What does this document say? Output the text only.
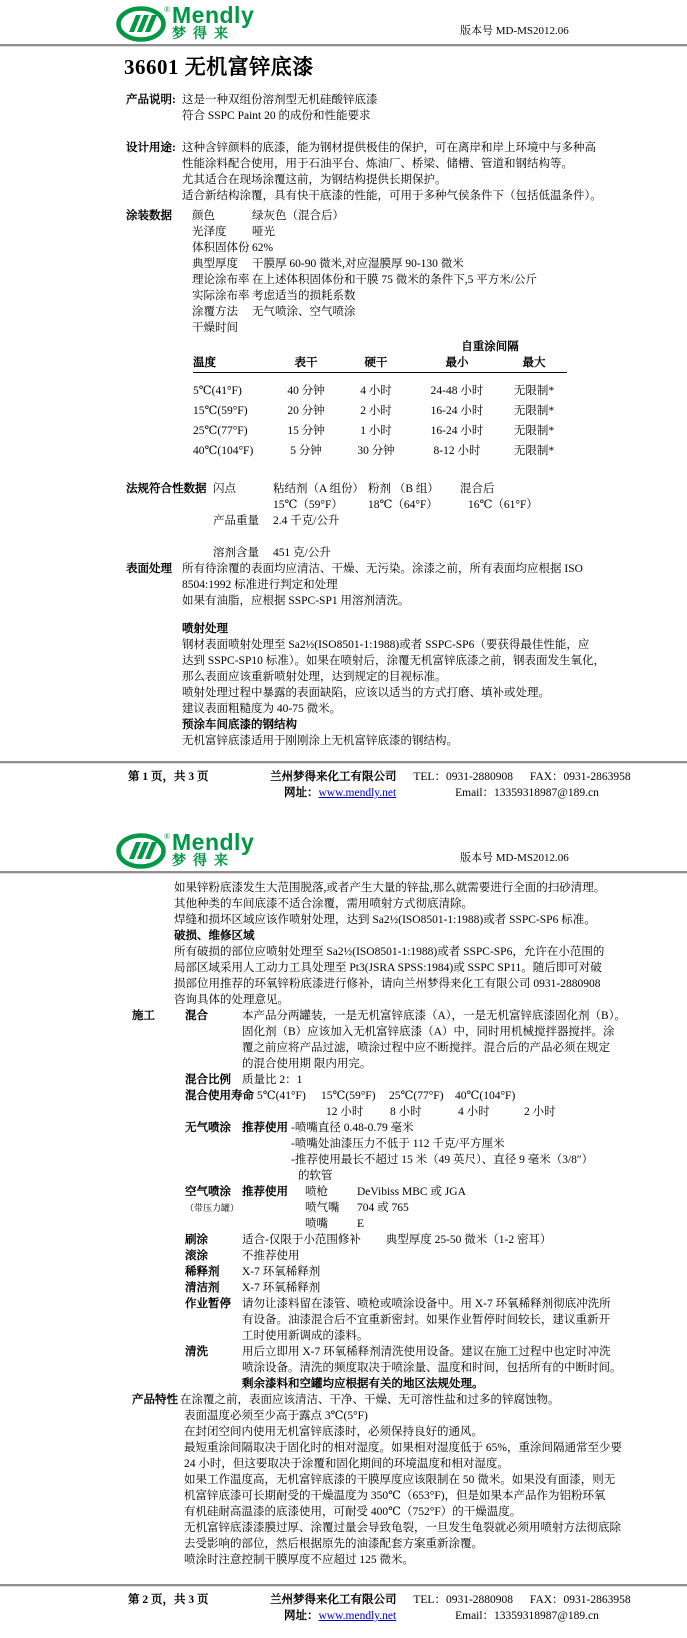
® Mendly
梦得来	版本号 MD-MS2012.06
36601 无机富锌底漆
产品说明: 这是一种双组份溶剂型无机硅酸锌底漆
符合 SSPC Paint 20 的成份和性能要求
设计用途: 这种含锌颜料的底漆，能为钢材提供极佳的保护，可在离岸和岸上环境中与多种高
性能涂料配合使用，用于石油平台、炼油厂、桥梁、储槽、管道和钢结构等。
尤其适合在现场涂覆这前，为钢结构提供长期保护。
适合新结构涂覆，具有快干底漆的性能，可用于多种气侯条件下（包括低温条件）。
涂装数据	颜色	绿灰色（混合后）
光泽度	哑光
体积固体份 62%
典型厚度	干膜厚 60-90 微米,对应湿膜厚 90-130 微米
理论涂布率 在上述体积固体份和干膜 75 微米的条件下,5 平方米/公斤
实际涂布率 考虑适当的损耗系数
涂覆方法	无气喷涂、空气喷涂
干燥时间
			自重涂间隔	
温度	表干	硬干	最小	最大

5℃(41°F)	40 分钟	4 小时	24-48 小时	无限制*
15℃(59°F)	20 分钟	2 小时	16-24 小时	无限制*
25℃(77°F)	15 分钟	1 小时	16-24 小时	无限制*
40℃(104°F)	5 分钟	30 分钟	8-12 小时	无限制*
法规符合性数据 闪点	粘结剂（A 组份） 粉剂 （B 组）	混合后
15℃（59°F）	18℃（64°F）	16℃（61°F）
产品重量	2.4 千克/公升
溶剂含量	451 克/公升
表面处理 所有待涂覆的表面均应清洁、干燥、无污染。涂漆之前，所有表面均应根据 ISO
8504:1992 标准进行判定和处理
如果有油脂，应根据 SSPC-SP1 用溶剂清洗。
喷射处理
钢材表面喷射处理至 Sa2½(ISO8501-1:1988)或者 SSPC-SP6（要获得最佳性能，应
达到 SSPC-SP10 标准）。如果在喷射后，涂覆无机富锌底漆之前，钢表面发生氧化，
那么表面应该重新喷射处理，达到规定的目视标准。
喷射处理过程中暴露的表面缺陷，应该以适当的方式打磨、填补或处理。
建议表面粗糙度为 40-75 微米。
预涂车间底漆的钢结构
无机富锌底漆适用于刚刚涂上无机富锌底漆的钢结构。
第 1 页，共 3 页	兰州梦得来化工有限公司 TEL：0931-2880908 FAX：0931-2863958
网址：www.mendly.net	Email：13359318987@189.cn
® Mendly
梦得来	版本号 MD-MS2012.06
如果锌粉底漆发生大范围脱落,或者产生大量的锌盐,那么就需要进行全面的扫砂清理。
其他种类的车间底漆不适合涂覆，需用喷射方式彻底清除。
焊缝和损坏区域应该作喷射处理，达到 Sa2½(ISO8501-1:1988)或者 SSPC-SP6 标准。
破损、维修区域
所有破损的部位应喷射处理至 Sa2½(ISO8501-1:1988)或者 SSPC-SP6，允许在小范围的
局部区域采用人工动力工具处理至 Pt3(JSRA SPSS:1984)或 SSPC SP11。随后即可对破
损部位用推荐的环氧锌粉底漆进行修补，请向兰州梦得来化工有限公司 0931-2880908
咨询具体的处理意见。
施工	混合	本产品分两罐装，一是无机富锌底漆（A），一是无机富锌底漆固化剂（B）。
固化剂（B）应该加入无机富锌底漆（A）中，同时用机械搅拌器搅拌。涂
覆之前应将产品过滤，喷涂过程中应不断搅拌。混合后的产品必须在规定
的混合使用期 限内用完。
混合比例 质量比 2：1
混合使用寿命 5℃(41°F)	15℃(59°F)	25℃(77°F) 40℃(104°F)
12 小时	8 小时	4 小时	2 小时
无气喷涂 推荐使用 -喷嘴直径 0.48-0.79 毫米
-喷嘴处油漆压力不低于 112 千克/平方厘米
-推荐使用最长不超过 15 米（49 英尺）、直径 9 毫米（3/8″）
的软管
空气喷涂
（带压力罐）
推荐使用 喷枪	DeVibiss MBC 或 JGA
喷气嘴	704 或 765
喷嘴	E
刷涂	适合-仅限于小范围修补 典型厚度 25-50 微米（1-2 密耳）
滚涂	不推荐使用
稀释剂	X-7 环氧稀释剂
清洁剂	X-7 环氧稀释剂
作业暂停 请勿让漆料留在漆管、喷枪或喷涂设备中。用 X-7 环氧稀释剂彻底冲洗所
有设备。油漆混合后不宜重新密封。如果作业暂停时间较长，建议重新开
工时使用新调成的漆料。
清洗	用后立即用 X-7 环氧稀释剂清洗使用设备。建议在施工过程中也定时冲洗
喷涂设备。清洗的频度取决于喷涂量、温度和时间，包括所有的中断时间。
剩余漆料和空罐均应根据有关的地区法规处理。
产品特性 在涂覆之前，表面应该清洁、干净、干燥、无可溶性盐和过多的锌腐蚀物。
表面温度必须至少高于露点 3℃(5°F)
在封闭空间内使用无机富锌底漆时，必须保持良好的通风。
最短重涂间隔取决于固化时的相对湿度。如果相对湿度低于 65%，重涂间隔通常至少要
24 小时，但这要取决于涂覆和固化期间的环境温度和相对湿度。
如果工作温度高，无机富锌底漆的干膜厚度应该限制在 50 微米。如果没有面漆，则无
机富锌底漆可长期耐受的干燥温度为 350℃（653°F)，但是如果本产品作为铝粉环氧
有机硅耐高温漆的底漆使用，可耐受 400℃（752°F）的干燥温度。
无机富锌底漆漆膜过厚、涂覆过量会导致龟裂，一旦发生龟裂就必须用喷射方法彻底除
去受影响的部位，然后根据原先的油漆配套方案重新涂覆。
喷涂时注意控制干膜厚度不应超过 125 微米。
第 2 页，共 3 页	兰州梦得来化工有限公司 TEL：0931-2880908 FAX：0931-2863958
网址：www.mendly.net	Email：13359318987@189.cn
